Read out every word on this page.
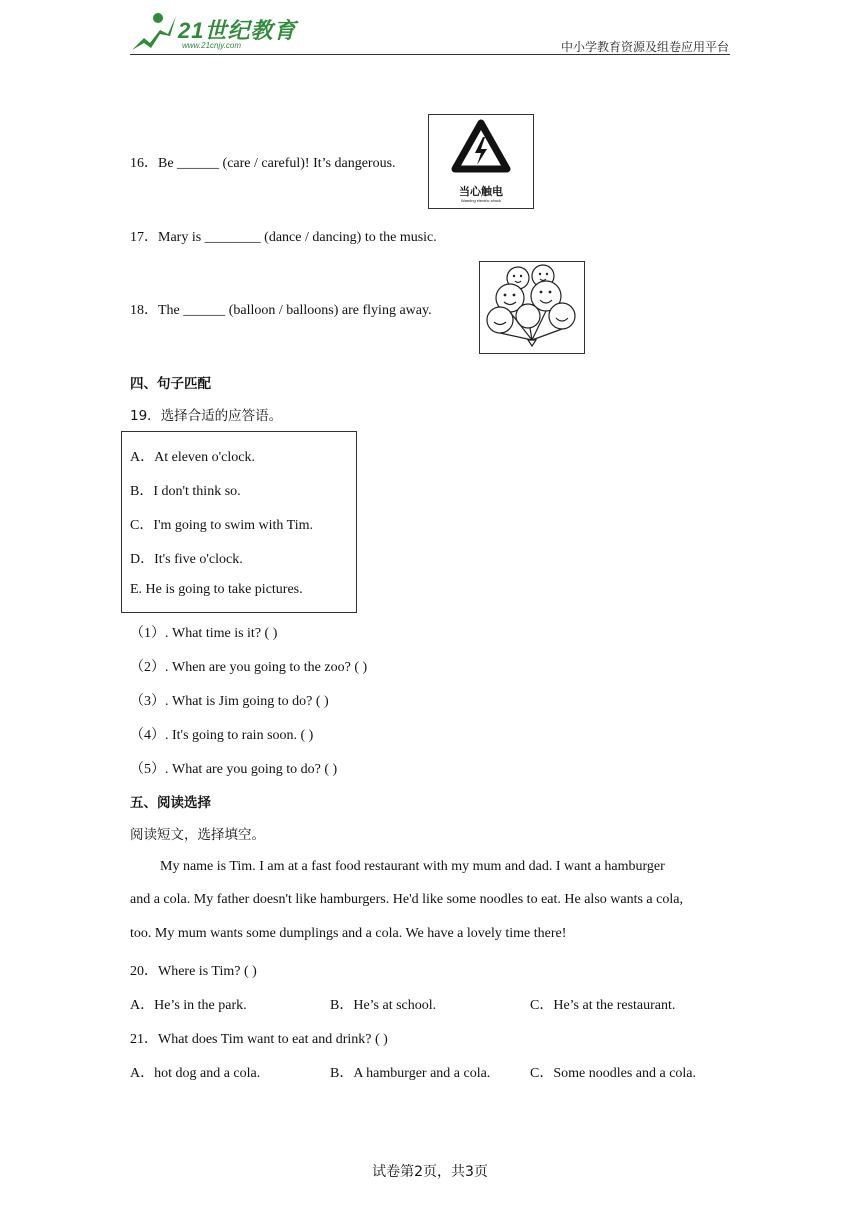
21世纪教育
www.21cnjy.com	中小学教育资源及组卷应用平台
16．Be ______ (care / careful)! It’s dangerous.
当心触电
Warning electric shock
17．Mary is ________ (dance / dancing) to the music.
18．The ______ (balloon / balloons) are flying away.
四、句子匹配
19．选择合适的应答语。
A．At eleven o'clock.
B．I don't think so.
C．I'm going to swim with Tim.
D．It's five o'clock.
E. He is going to take pictures.
（1）. What time is it? ( )
（2）. When are you going to the zoo? ( )
（3）. What is Jim going to do? ( )
（4）. It's going to rain soon. ( )
（5）. What are you going to do? ( )
五、阅读选择
阅读短文，选择填空。
My name is Tim. I am at a fast food restaurant with my mum and dad. I want a hamburger
and a cola. My father doesn't like hamburgers. He'd like some noodles to eat. He also wants a cola,
too. My mum wants some dumplings and a cola. We have a lovely time there!
20．Where is Tim? ( )
A．He’s in the park.	B．He’s at school.	C．He’s at the restaurant.
21．What does Tim want to eat and drink? ( )
A．hot dog and a cola.	B．A hamburger and a cola.	C．Some noodles and a cola.
试卷第2页，共3页
